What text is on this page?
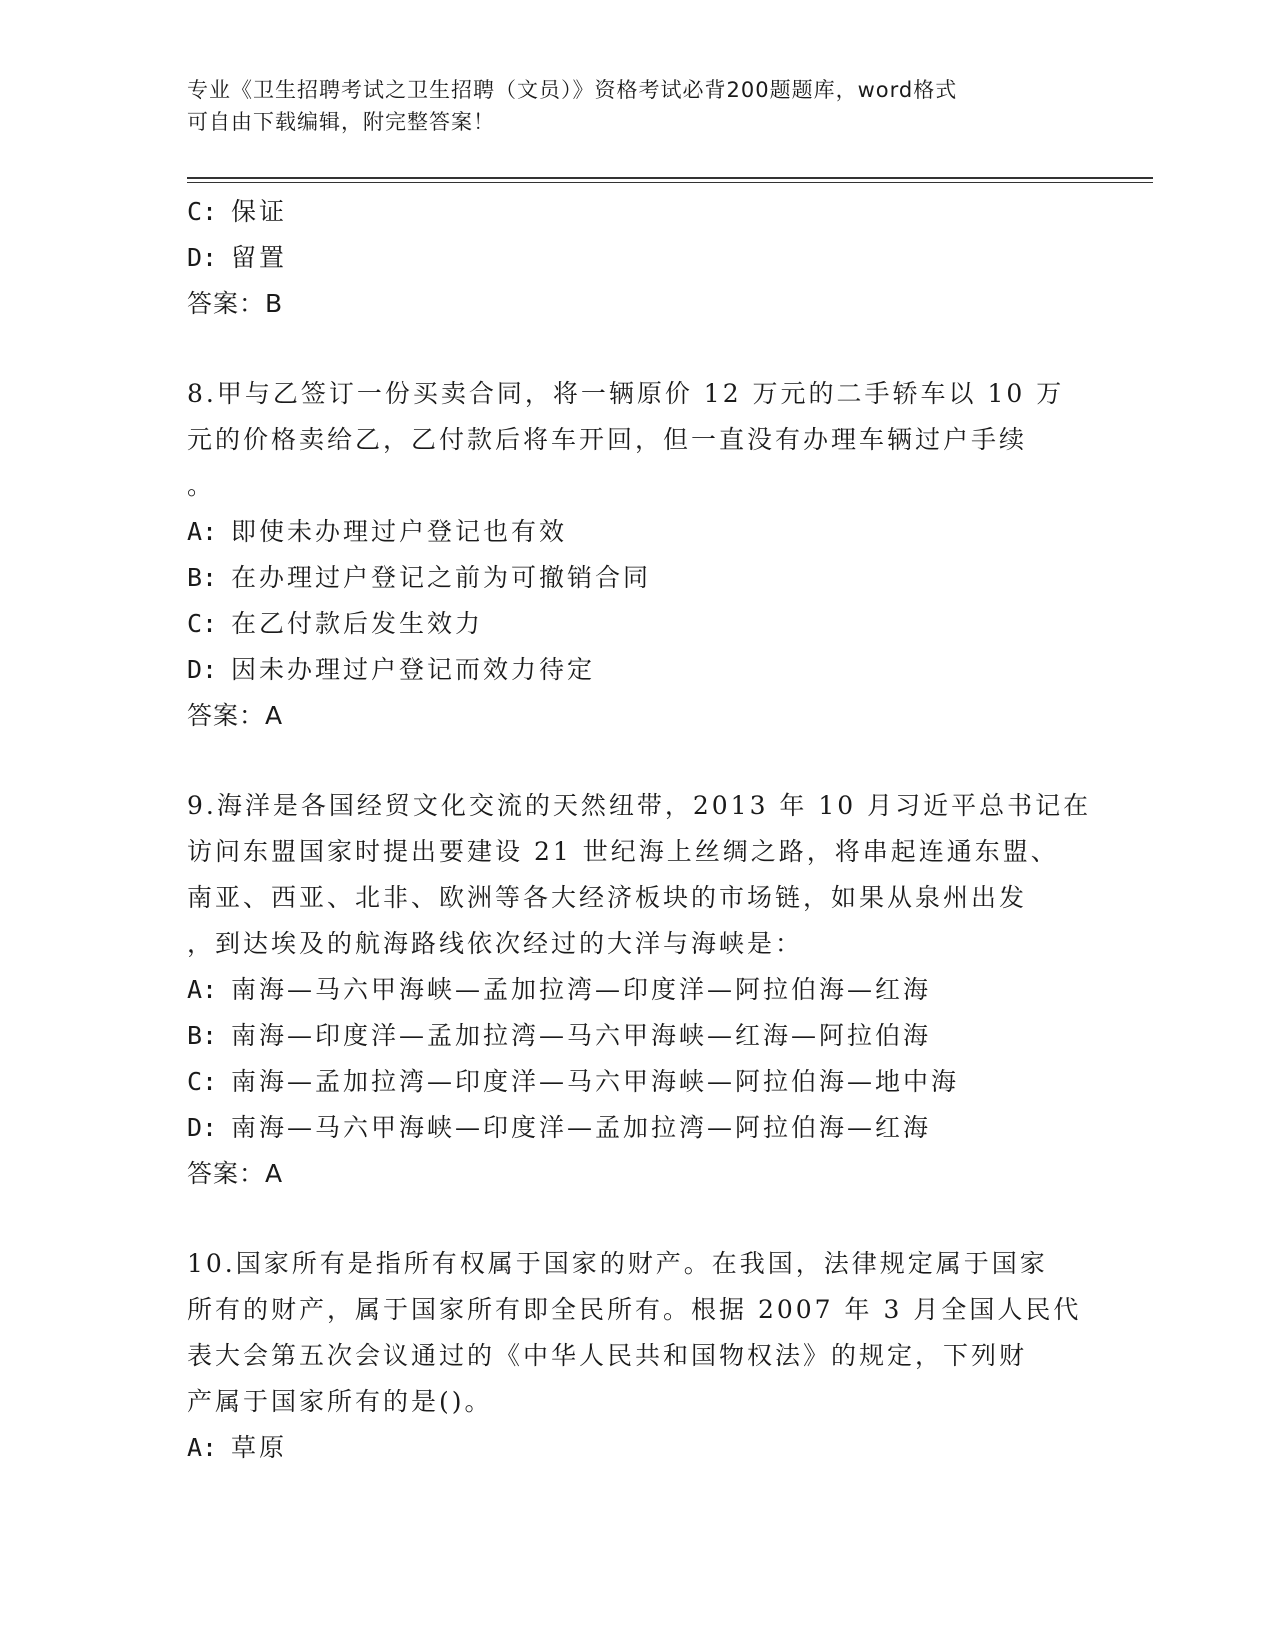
专业《卫生招聘考试之卫生招聘（文员）》资格考试必背200题题库，word格式
可自由下载编辑，附完整答案！
C: 保证
D: 留置
答案：B
8.甲与乙签订一份买卖合同，将一辆原价 12 万元的二手轿车以 10 万
元的价格卖给乙，乙付款后将车开回，但一直没有办理车辆过户手续
。
A: 即使未办理过户登记也有效
B: 在办理过户登记之前为可撤销合同
C: 在乙付款后发生效力
D: 因未办理过户登记而效力待定
答案：A
9.海洋是各国经贸文化交流的天然纽带，2013 年 10 月习近平总书记在
访问东盟国家时提出要建设 21 世纪海上丝绸之路，将串起连通东盟、
南亚、西亚、北非、欧洲等各大经济板块的市场链，如果从泉州出发
，到达埃及的航海路线依次经过的大洋与海峡是：
A: 南海—马六甲海峡—孟加拉湾—印度洋—阿拉伯海—红海
B: 南海—印度洋—孟加拉湾—马六甲海峡—红海—阿拉伯海
C: 南海—孟加拉湾—印度洋—马六甲海峡—阿拉伯海—地中海
D: 南海—马六甲海峡—印度洋—孟加拉湾—阿拉伯海—红海
答案：A
10.国家所有是指所有权属于国家的财产。在我国，法律规定属于国家
所有的财产，属于国家所有即全民所有。根据 2007 年 3 月全国人民代
表大会第五次会议通过的《中华人民共和国物权法》的规定，下列财
产属于国家所有的是()。
A: 草原
